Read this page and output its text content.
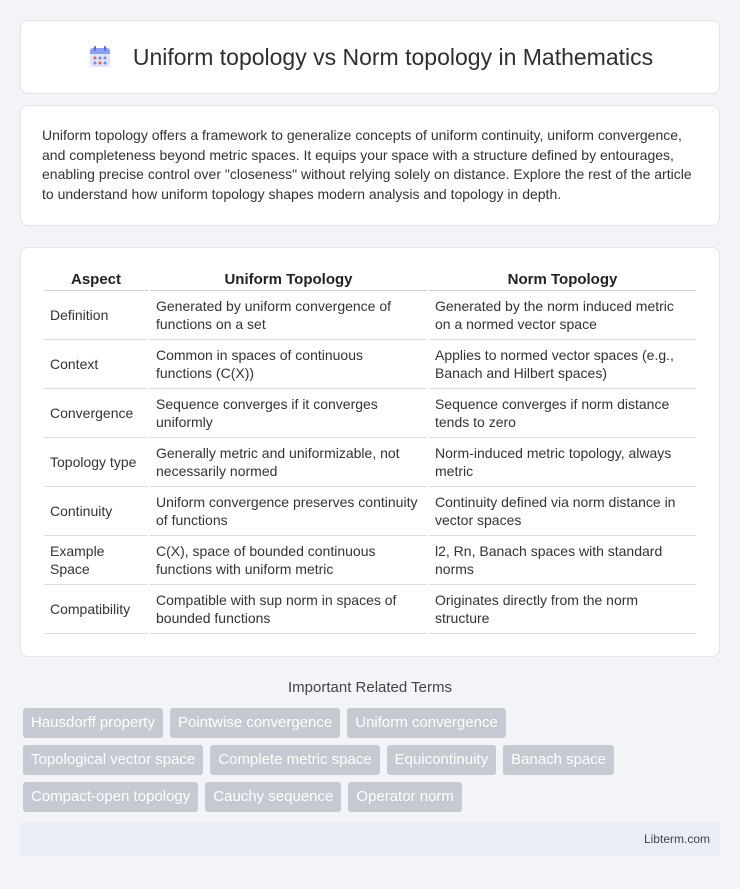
Uniform topology vs Norm topology in Mathematics

Uniform topology offers a framework to generalize concepts of uniform continuity, uniform convergence, and completeness beyond metric spaces. It equips your space with a structure defined by entourages, enabling precise control over "closeness" without relying solely on distance. Explore the rest of the article to understand how uniform topology shapes modern analysis and topology in depth.

Aspect	Uniform Topology	Norm Topology
Definition	Generated by uniform convergence of functions on a set	Generated by the norm induced metric on a normed vector space
Context	Common in spaces of continuous functions (C(X))	Applies to normed vector spaces (e.g., Banach and Hilbert spaces)
Convergence	Sequence converges if it converges uniformly	Sequence converges if norm distance tends to zero
Topology type	Generally metric and uniformizable, not necessarily normed	Norm-induced metric topology, always metric
Continuity	Uniform convergence preserves continuity of functions	Continuity defined via norm distance in vector spaces
Example Space	C(X), space of bounded continuous functions with uniform metric	l2, Rn, Banach spaces with standard norms
Compatibility	Compatible with sup norm in spaces of bounded functions	Originates directly from the norm structure
Important Related Terms
Hausdorff property	Pointwise convergence	Uniform convergence
Topological vector space	Complete metric space	Equicontinuity	Banach space
Compact-open topology	Cauchy sequence	Operator norm
Libterm.com
